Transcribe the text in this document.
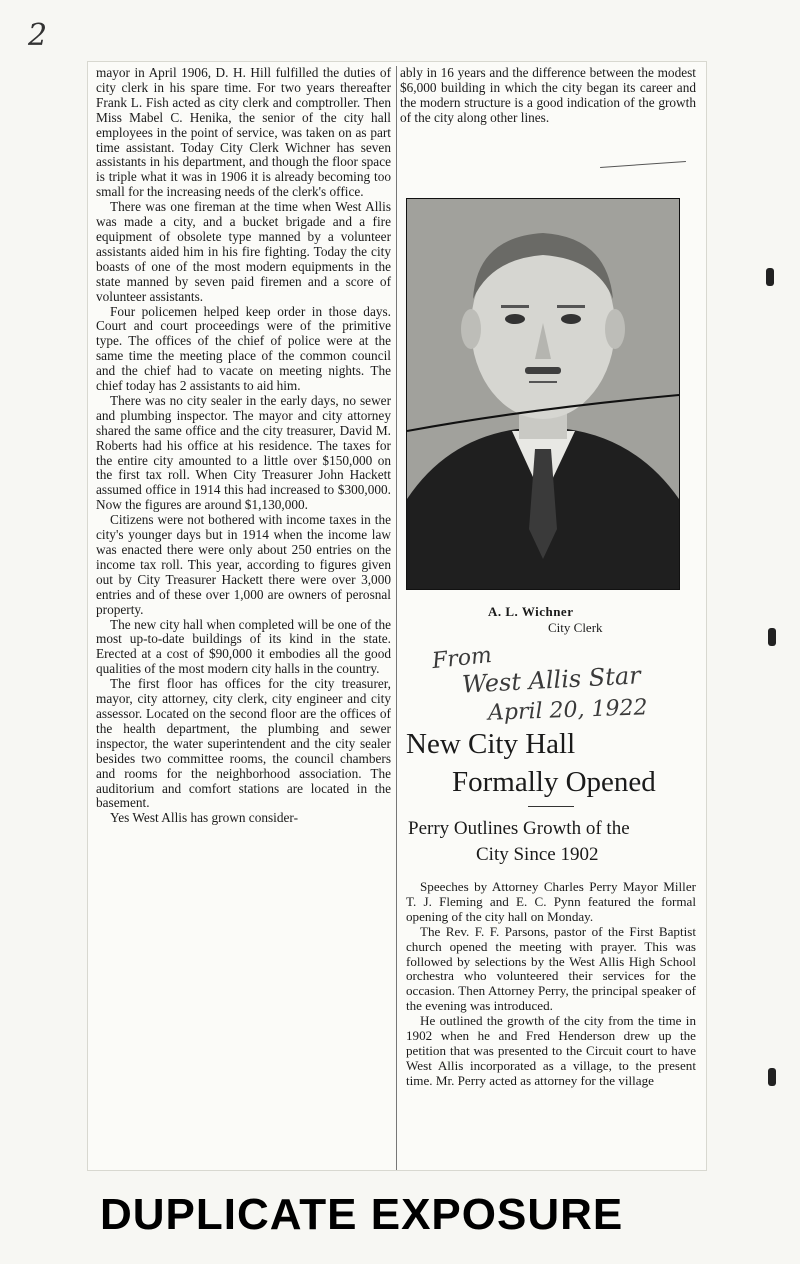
2

mayor in April 1906, D. H. Hill fulfilled the duties of city clerk in his spare time. For two years thereafter Frank L. Fish acted as city clerk and comptroller. Then Miss Mabel C. Henika, the senior of the city hall employees in the point of service, was taken on as part time assistant. Today City Clerk Wichner has seven assistants in his department, and though the floor space is triple what it was in 1906 it is already becoming too small for the increasing needs of the clerk's office.

There was one fireman at the time when West Allis was made a city, and a bucket brigade and a fire equipment of obsolete type manned by a volunteer assistants aided him in his fire fighting. Today the city boasts of one of the most modern equipments in the state manned by seven paid firemen and a score of volunteer assistants.

Four policemen helped keep order in those days. Court and court proceedings were of the primitive type. The offices of the chief of police were at the same time the meeting place of the common council and the chief had to vacate on meeting nights. The chief today has 2 assistants to aid him.

There was no city sealer in the early days, no sewer and plumbing inspector. The mayor and city attorney shared the same office and the city treasurer, David M. Roberts had his office at his residence. The taxes for the entire city amounted to a little over $150,000 on the first tax roll. When City Treasurer John Hackett assumed office in 1914 this had increased to $300,000. Now the figures are around $1,130,000.

Citizens were not bothered with income taxes in the city's younger days but in 1914 when the income law was enacted there were only about 250 entries on the income tax roll. This year, according to figures given out by City Treasurer Hackett there were over 3,000 entries and of these over 1,000 are owners of perosnal property.

The new city hall when completed will be one of the most up-to-date buildings of its kind in the state. Erected at a cost of $90,000 it embodies all the good qualities of the most modern city halls in the country.

The first floor has offices for the city treasurer, mayor, city attorney, city clerk, city engineer and city assessor. Located on the second floor are the offices of the health department, the plumbing and sewer inspector, the water superintendent and the city sealer besides two committee rooms, the council chambers and rooms for the neighborhood association. The auditorium and comfort stations are located in the basement.

Yes West Allis has grown consider-

ably in 16 years and the difference between the modest $6,000 building in which the city began its career and the modern structure is a good indication of the growth of the city along other lines.

A. L. Wichner
City Clerk
From
West Allis Star
April 20, 1922
New City Hall
Formally Opened
Perry Outlines Growth of the
City Since 1902

Speeches by Attorney Charles Perry Mayor Miller T. J. Fleming and E. C. Pynn featured the formal opening of the city hall on Monday.

The Rev. F. F. Parsons, pastor of the First Baptist church opened the meeting with prayer. This was followed by selections by the West Allis High School orchestra who volunteered their services for the occasion. Then Attorney Perry, the principal speaker of the evening was introduced.

He outlined the growth of the city from the time in 1902 when he and Fred Henderson drew up the petition that was presented to the Circuit court to have West Allis incorporated as a village, to the present time. Mr. Perry acted as attorney for the village

DUPLICATE EXPOSURE
